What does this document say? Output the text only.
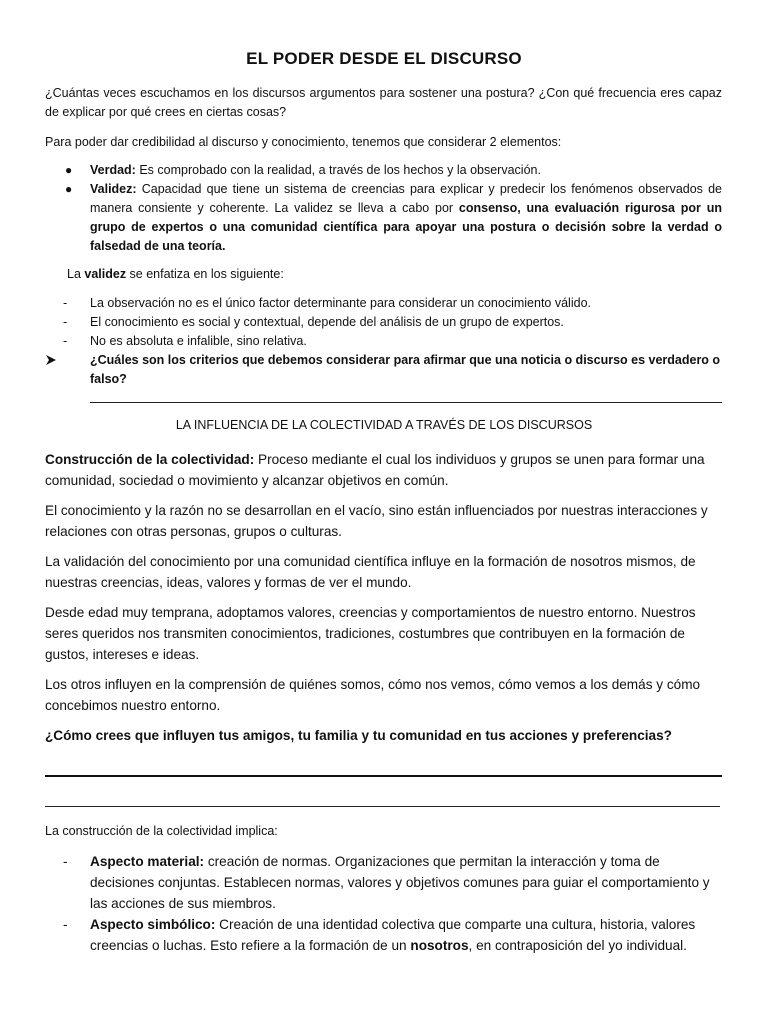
EL PODER DESDE EL DISCURSO

¿Cuántas veces escuchamos en los discursos argumentos para sostener una postura? ¿Con qué frecuencia eres capaz de explicar por qué crees en ciertas cosas?

Para poder dar credibilidad al discurso y conocimiento, tenemos que considerar 2 elementos:

● Verdad: Es comprobado con la realidad, a través de los hechos y la observación.
● Validez: Capacidad que tiene un sistema de creencias para explicar y predecir los fenómenos observados de manera consiente y coherente. La validez se lleva a cabo por consenso, una evaluación rigurosa por un grupo de expertos o una comunidad científica para apoyar una postura o decisión sobre la verdad o falsedad de una teoría.

La validez se enfatiza en los siguiente:

- La observación no es el único factor determinante para considerar un conocimiento válido.
- El conocimiento es social y contextual, depende del análisis de un grupo de expertos.
- No es absoluta e infalible, sino relativa.
¿Cuáles son los criterios que debemos considerar para afirmar que una noticia o discurso es verdadero o falso?
LA INFLUENCIA DE LA COLECTIVIDAD A TRAVÉS DE LOS DISCURSOS

Construcción de la colectividad: Proceso mediante el cual los individuos y grupos se unen para formar una comunidad, sociedad o movimiento y alcanzar objetivos en común.

El conocimiento y la razón no se desarrollan en el vacío, sino están influenciados por nuestras interacciones y relaciones con otras personas, grupos o culturas.

La validación del conocimiento por una comunidad científica influye en la formación de nosotros mismos, de nuestras creencias, ideas, valores y formas de ver el mundo.

Desde edad muy temprana, adoptamos valores, creencias y comportamientos de nuestro entorno. Nuestros seres queridos nos transmiten conocimientos, tradiciones, costumbres que contribuyen en la formación de gustos, intereses e ideas.

Los otros influyen en la comprensión de quiénes somos, cómo nos vemos, cómo vemos a los demás y cómo concebimos nuestro entorno.

¿Cómo crees que influyen tus amigos, tu familia y tu comunidad en tus acciones y preferencias?

La construcción de la colectividad implica:

- Aspecto material: creación de normas. Organizaciones que permitan la interacción y toma de decisiones conjuntas. Establecen normas, valores y objetivos comunes para guiar el comportamiento y las acciones de sus miembros.
- Aspecto simbólico: Creación de una identidad colectiva que comparte una cultura, historia, valores creencias o luchas. Esto refiere a la formación de un nosotros, en contraposición del yo individual.
